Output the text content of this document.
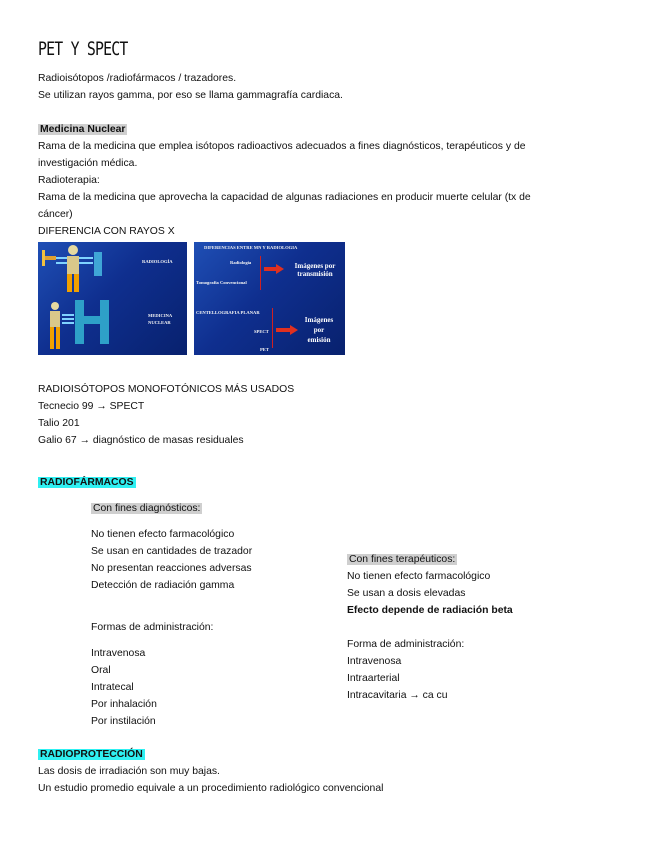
PET Y SPECT
Radioisótopos /radiofármacos / trazadores.
Se utilizan rayos gamma, por eso se llama gammagrafía cardiaca.
Medicina Nuclear
Rama de la medicina que emplea isótopos radioactivos adecuados a fines diagnósticos, terapéuticos y de
investigación médica.
Radioterapia:
Rama de la medicina que aprovecha la capacidad de algunas radiaciones en producir muerte celular (tx de
cáncer)
DIFERENCIA CON RAYOS X
RADIOLOGÍA
MEDICINA
NUCLEAR
DIFERENCIAS ENTRE MN Y RADIOLOGIA
Radiologia
Tomografia Convencional
Imágenes por
transmisión
CENTELLOGRAFIA PLANAR
SPECT
PET
Imágenes
por
emisión
RADIOISÓTOPOS MONOFOTÓNICOS MÁS USADOS
Tecnecio 99 → SPECT
Talio 201
Galio 67 → diagnóstico de masas residuales
RADIOFÁRMACOS
Con fines diagnósticos:
No tienen efecto farmacológico
Se usan en cantidades de trazador
No presentan reacciones adversas
Detección de radiación gamma
Formas de administración:
Intravenosa
Oral
Intratecal
Por inhalación
Por instilación
Con fines terapéuticos:
No tienen efecto farmacológico
Se usan a dosis elevadas
Efecto depende de radiación beta
Forma de administración:
Intravenosa
Intraarterial
Intracavitaria → ca cu
RADIOPROTECCIÓN
Las dosis de irradiación son muy bajas.
Un estudio promedio equivale a un procedimiento radiológico convencional
